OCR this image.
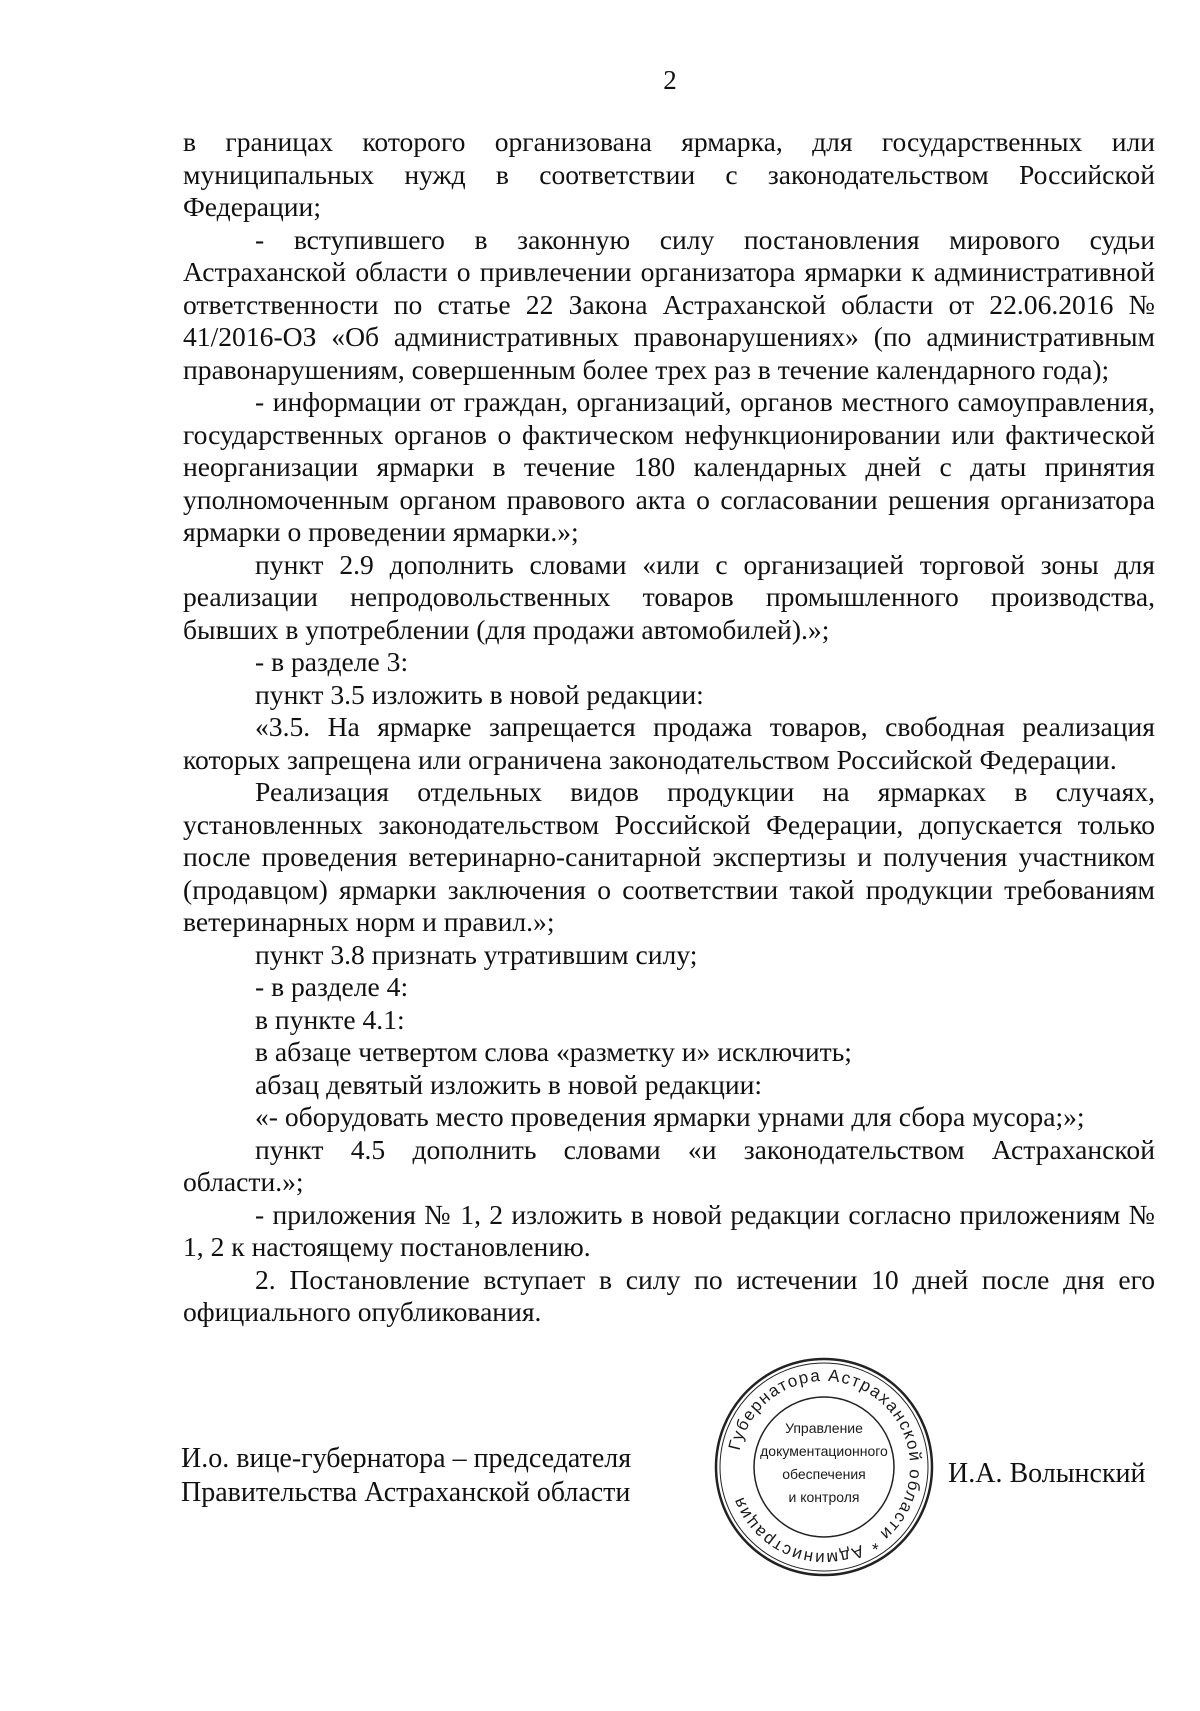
2

в границах которого организована ярмарка, для государственных или муниципальных нужд в соответствии с законодательством Российской Федерации;

- вступившего в законную силу постановления мирового судьи Астраханской области о привлечении организатора ярмарки к административной ответственности по статье 22 Закона Астраханской области от 22.06.2016 № 41/2016-ОЗ «Об административных правонарушениях» (по административным правонарушениям, совершенным более трех раз в течение календарного года);

- информации от граждан, организаций, органов местного самоуправления, государственных органов о фактическом нефункционировании или фактической неорганизации ярмарки в течение 180 календарных дней с даты принятия уполномоченным органом правового акта о согласовании решения организатора ярмарки о проведении ярмарки.»;

пункт 2.9 дополнить словами «или с организацией торговой зоны для реализации непродовольственных товаров промышленного производства, бывших в употреблении (для продажи автомобилей).»;

- в разделе 3:

пункт 3.5 изложить в новой редакции:

«3.5. На ярмарке запрещается продажа товаров, свободная реализация которых запрещена или ограничена законодательством Российской Федерации.

Реализация отдельных видов продукции на ярмарках в случаях, установленных законодательством Российской Федерации, допускается только после проведения ветеринарно-санитарной экспертизы и получения участником (продавцом) ярмарки заключения о соответствии такой продукции требованиям ветеринарных норм и правил.»;

пункт 3.8 признать утратившим силу;

- в разделе 4:

в пункте 4.1:

в абзаце четвертом слова «разметку и» исключить;

абзац девятый изложить в новой редакции:

«- оборудовать место проведения ярмарки урнами для сбора мусора;»;

пункт 4.5 дополнить словами «и законодательством Астраханской области.»;

- приложения № 1, 2 изложить в новой редакции согласно приложениям № 1, 2 к настоящему постановлению.

2. Постановление вступает в силу по истечении 10 дней после дня его официального опубликования.

И.о. вице-губернатора – председателя
Правительства Астраханской области
Губернатора Астраханской области * Администрация
Управление
документационного
обеспечения
и контроля
И.А. Волынский
